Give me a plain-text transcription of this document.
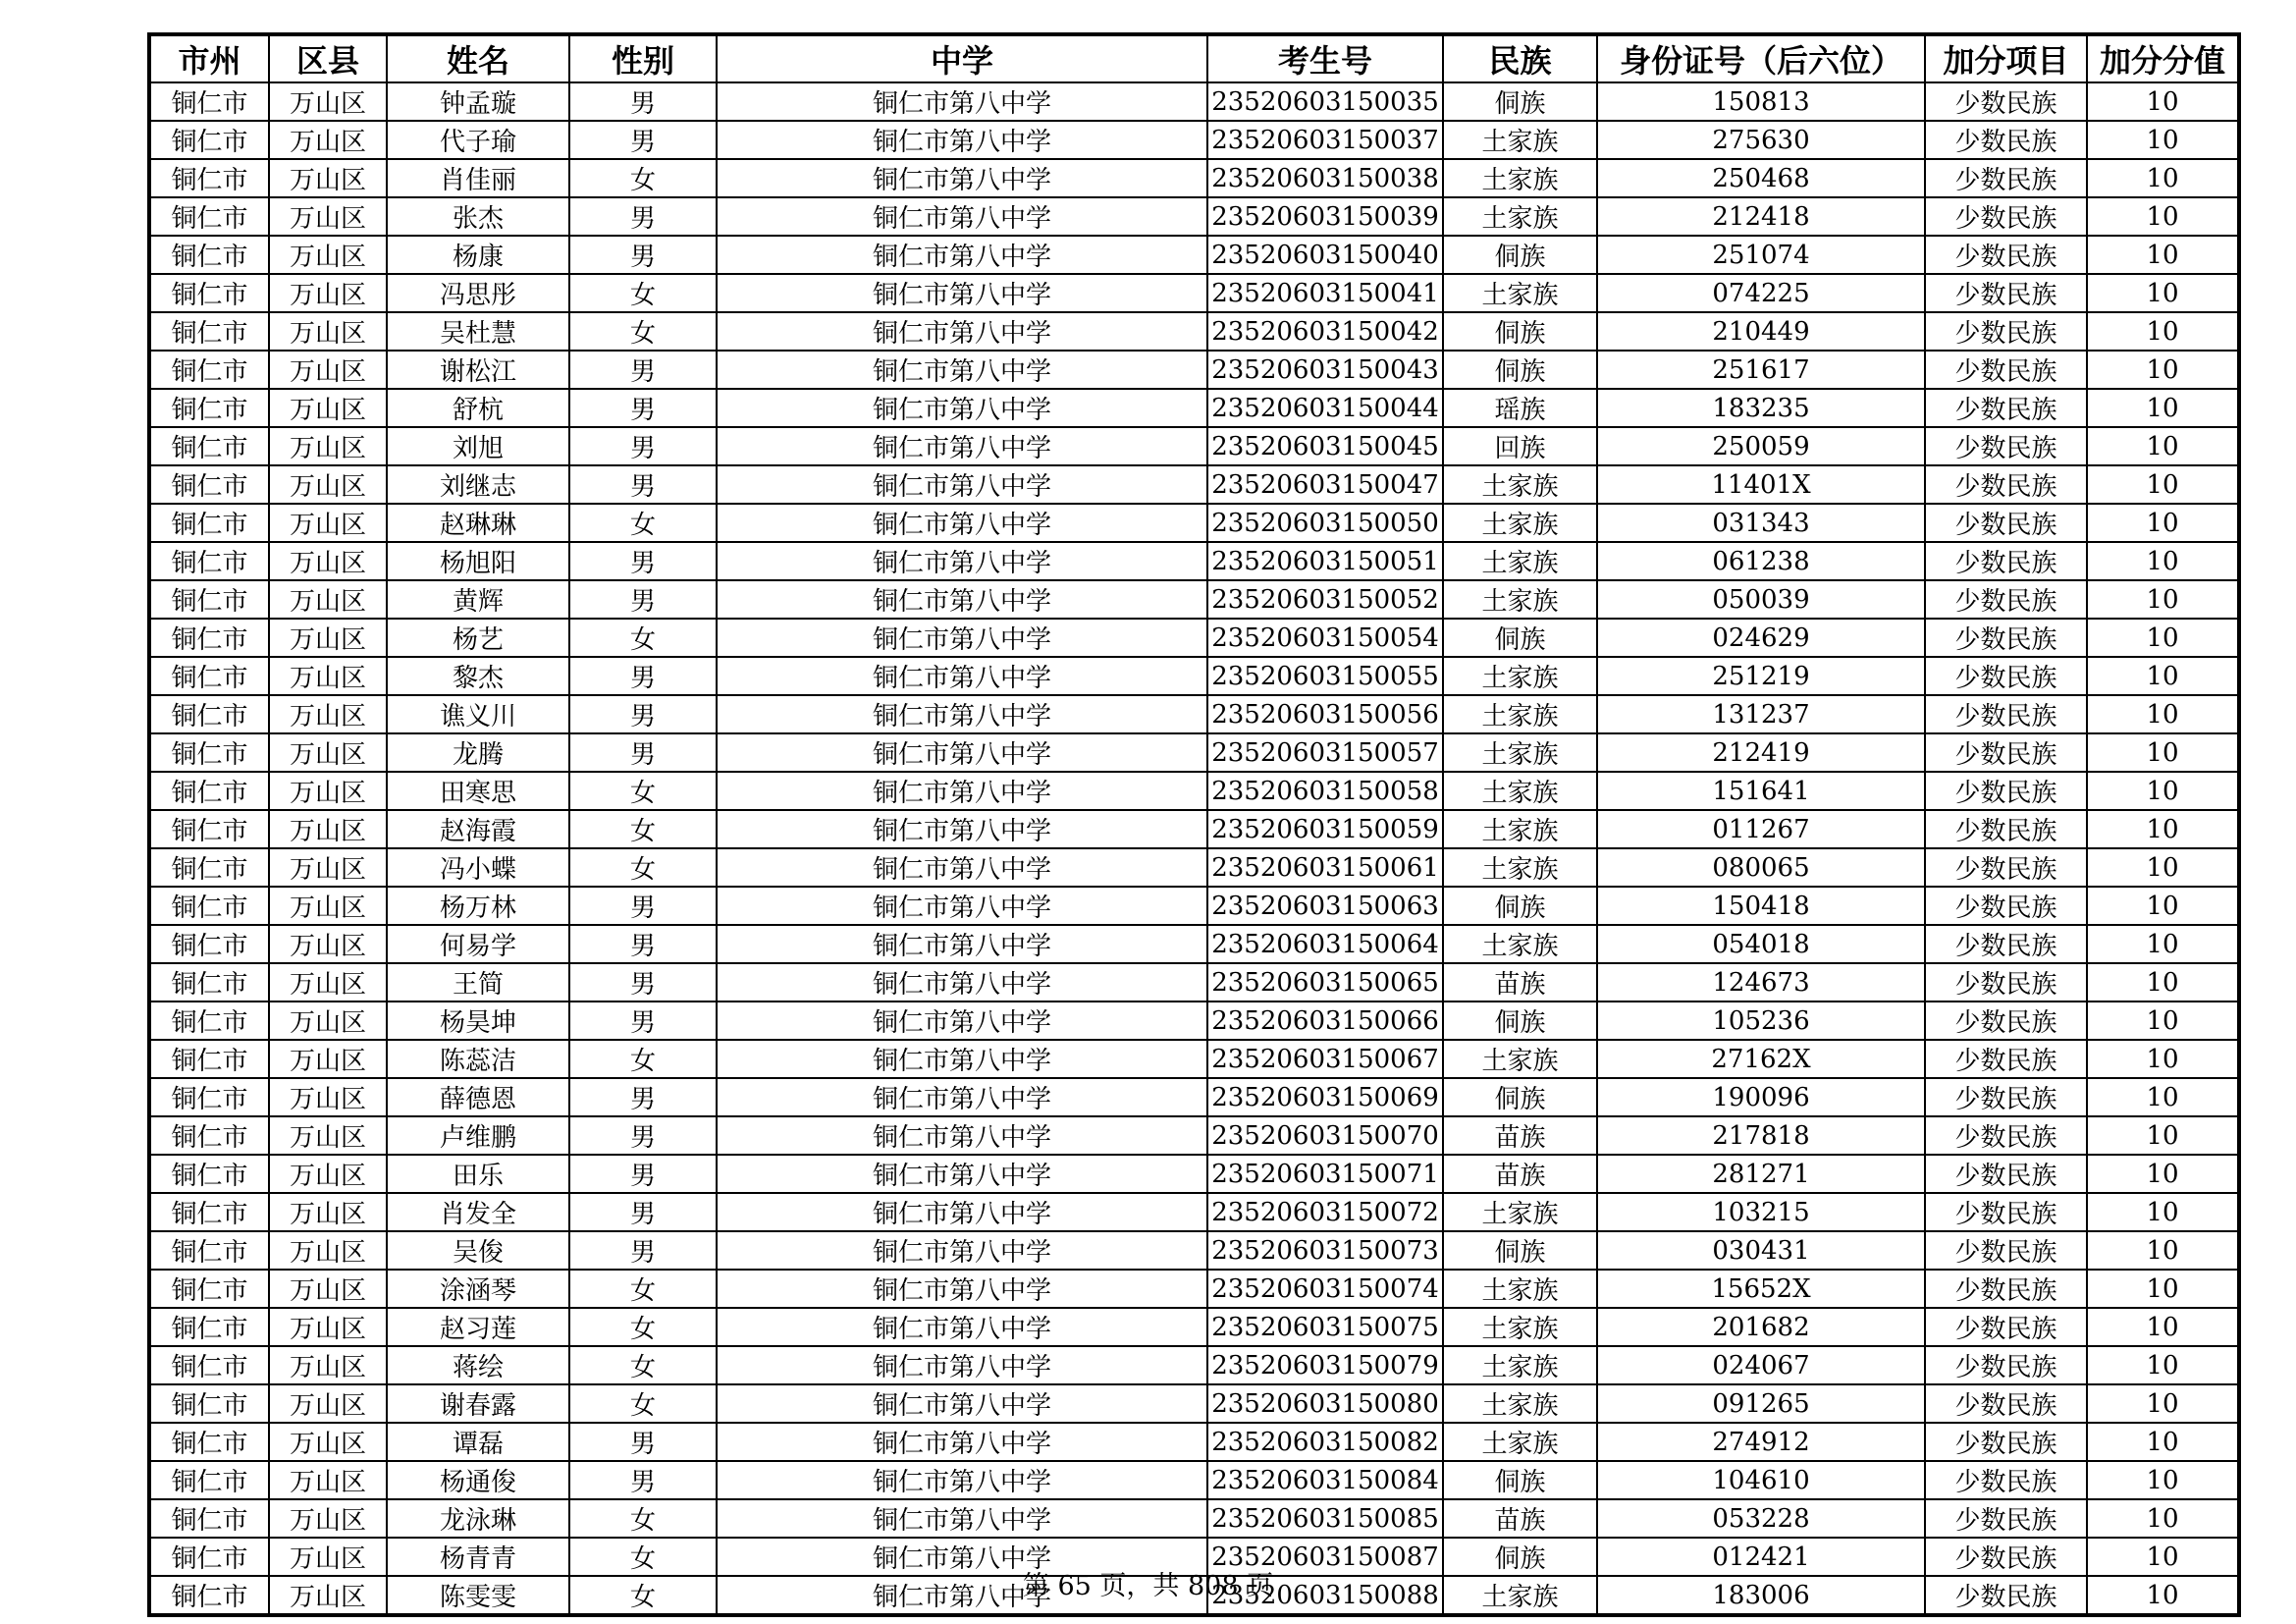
市州	区县	姓名	性别	中学	考生号	民族	身份证号（后六位）	加分项目	加分分值
铜仁市	万山区	钟孟璇	男	铜仁市第八中学	23520603150035	侗族	150813	少数民族	10
铜仁市	万山区	代子瑜	男	铜仁市第八中学	23520603150037	土家族	275630	少数民族	10
铜仁市	万山区	肖佳丽	女	铜仁市第八中学	23520603150038	土家族	250468	少数民族	10
铜仁市	万山区	张杰	男	铜仁市第八中学	23520603150039	土家族	212418	少数民族	10
铜仁市	万山区	杨康	男	铜仁市第八中学	23520603150040	侗族	251074	少数民族	10
铜仁市	万山区	冯思彤	女	铜仁市第八中学	23520603150041	土家族	074225	少数民族	10
铜仁市	万山区	吴杜慧	女	铜仁市第八中学	23520603150042	侗族	210449	少数民族	10
铜仁市	万山区	谢松江	男	铜仁市第八中学	23520603150043	侗族	251617	少数民族	10
铜仁市	万山区	舒杭	男	铜仁市第八中学	23520603150044	瑶族	183235	少数民族	10
铜仁市	万山区	刘旭	男	铜仁市第八中学	23520603150045	回族	250059	少数民族	10
铜仁市	万山区	刘继志	男	铜仁市第八中学	23520603150047	土家族	11401X	少数民族	10
铜仁市	万山区	赵琳琳	女	铜仁市第八中学	23520603150050	土家族	031343	少数民族	10
铜仁市	万山区	杨旭阳	男	铜仁市第八中学	23520603150051	土家族	061238	少数民族	10
铜仁市	万山区	黄辉	男	铜仁市第八中学	23520603150052	土家族	050039	少数民族	10
铜仁市	万山区	杨艺	女	铜仁市第八中学	23520603150054	侗族	024629	少数民族	10
铜仁市	万山区	黎杰	男	铜仁市第八中学	23520603150055	土家族	251219	少数民族	10
铜仁市	万山区	谯义川	男	铜仁市第八中学	23520603150056	土家族	131237	少数民族	10
铜仁市	万山区	龙腾	男	铜仁市第八中学	23520603150057	土家族	212419	少数民族	10
铜仁市	万山区	田寒思	女	铜仁市第八中学	23520603150058	土家族	151641	少数民族	10
铜仁市	万山区	赵海霞	女	铜仁市第八中学	23520603150059	土家族	011267	少数民族	10
铜仁市	万山区	冯小蝶	女	铜仁市第八中学	23520603150061	土家族	080065	少数民族	10
铜仁市	万山区	杨万林	男	铜仁市第八中学	23520603150063	侗族	150418	少数民族	10
铜仁市	万山区	何易学	男	铜仁市第八中学	23520603150064	土家族	054018	少数民族	10
铜仁市	万山区	王简	男	铜仁市第八中学	23520603150065	苗族	124673	少数民族	10
铜仁市	万山区	杨昊坤	男	铜仁市第八中学	23520603150066	侗族	105236	少数民族	10
铜仁市	万山区	陈蕊洁	女	铜仁市第八中学	23520603150067	土家族	27162X	少数民族	10
铜仁市	万山区	薛德恩	男	铜仁市第八中学	23520603150069	侗族	190096	少数民族	10
铜仁市	万山区	卢维鹏	男	铜仁市第八中学	23520603150070	苗族	217818	少数民族	10
铜仁市	万山区	田乐	男	铜仁市第八中学	23520603150071	苗族	281271	少数民族	10
铜仁市	万山区	肖发全	男	铜仁市第八中学	23520603150072	土家族	103215	少数民族	10
铜仁市	万山区	吴俊	男	铜仁市第八中学	23520603150073	侗族	030431	少数民族	10
铜仁市	万山区	涂涵琴	女	铜仁市第八中学	23520603150074	土家族	15652X	少数民族	10
铜仁市	万山区	赵习莲	女	铜仁市第八中学	23520603150075	土家族	201682	少数民族	10
铜仁市	万山区	蒋绘	女	铜仁市第八中学	23520603150079	土家族	024067	少数民族	10
铜仁市	万山区	谢春露	女	铜仁市第八中学	23520603150080	土家族	091265	少数民族	10
铜仁市	万山区	谭磊	男	铜仁市第八中学	23520603150082	土家族	274912	少数民族	10
铜仁市	万山区	杨通俊	男	铜仁市第八中学	23520603150084	侗族	104610	少数民族	10
铜仁市	万山区	龙泳琳	女	铜仁市第八中学	23520603150085	苗族	053228	少数民族	10
铜仁市	万山区	杨青青	女	铜仁市第八中学	23520603150087	侗族	012421	少数民族	10
铜仁市	万山区	陈雯雯	女	铜仁市第八中学	23520603150088	土家族	183006	少数民族	10
第 65 页，共 808 页
